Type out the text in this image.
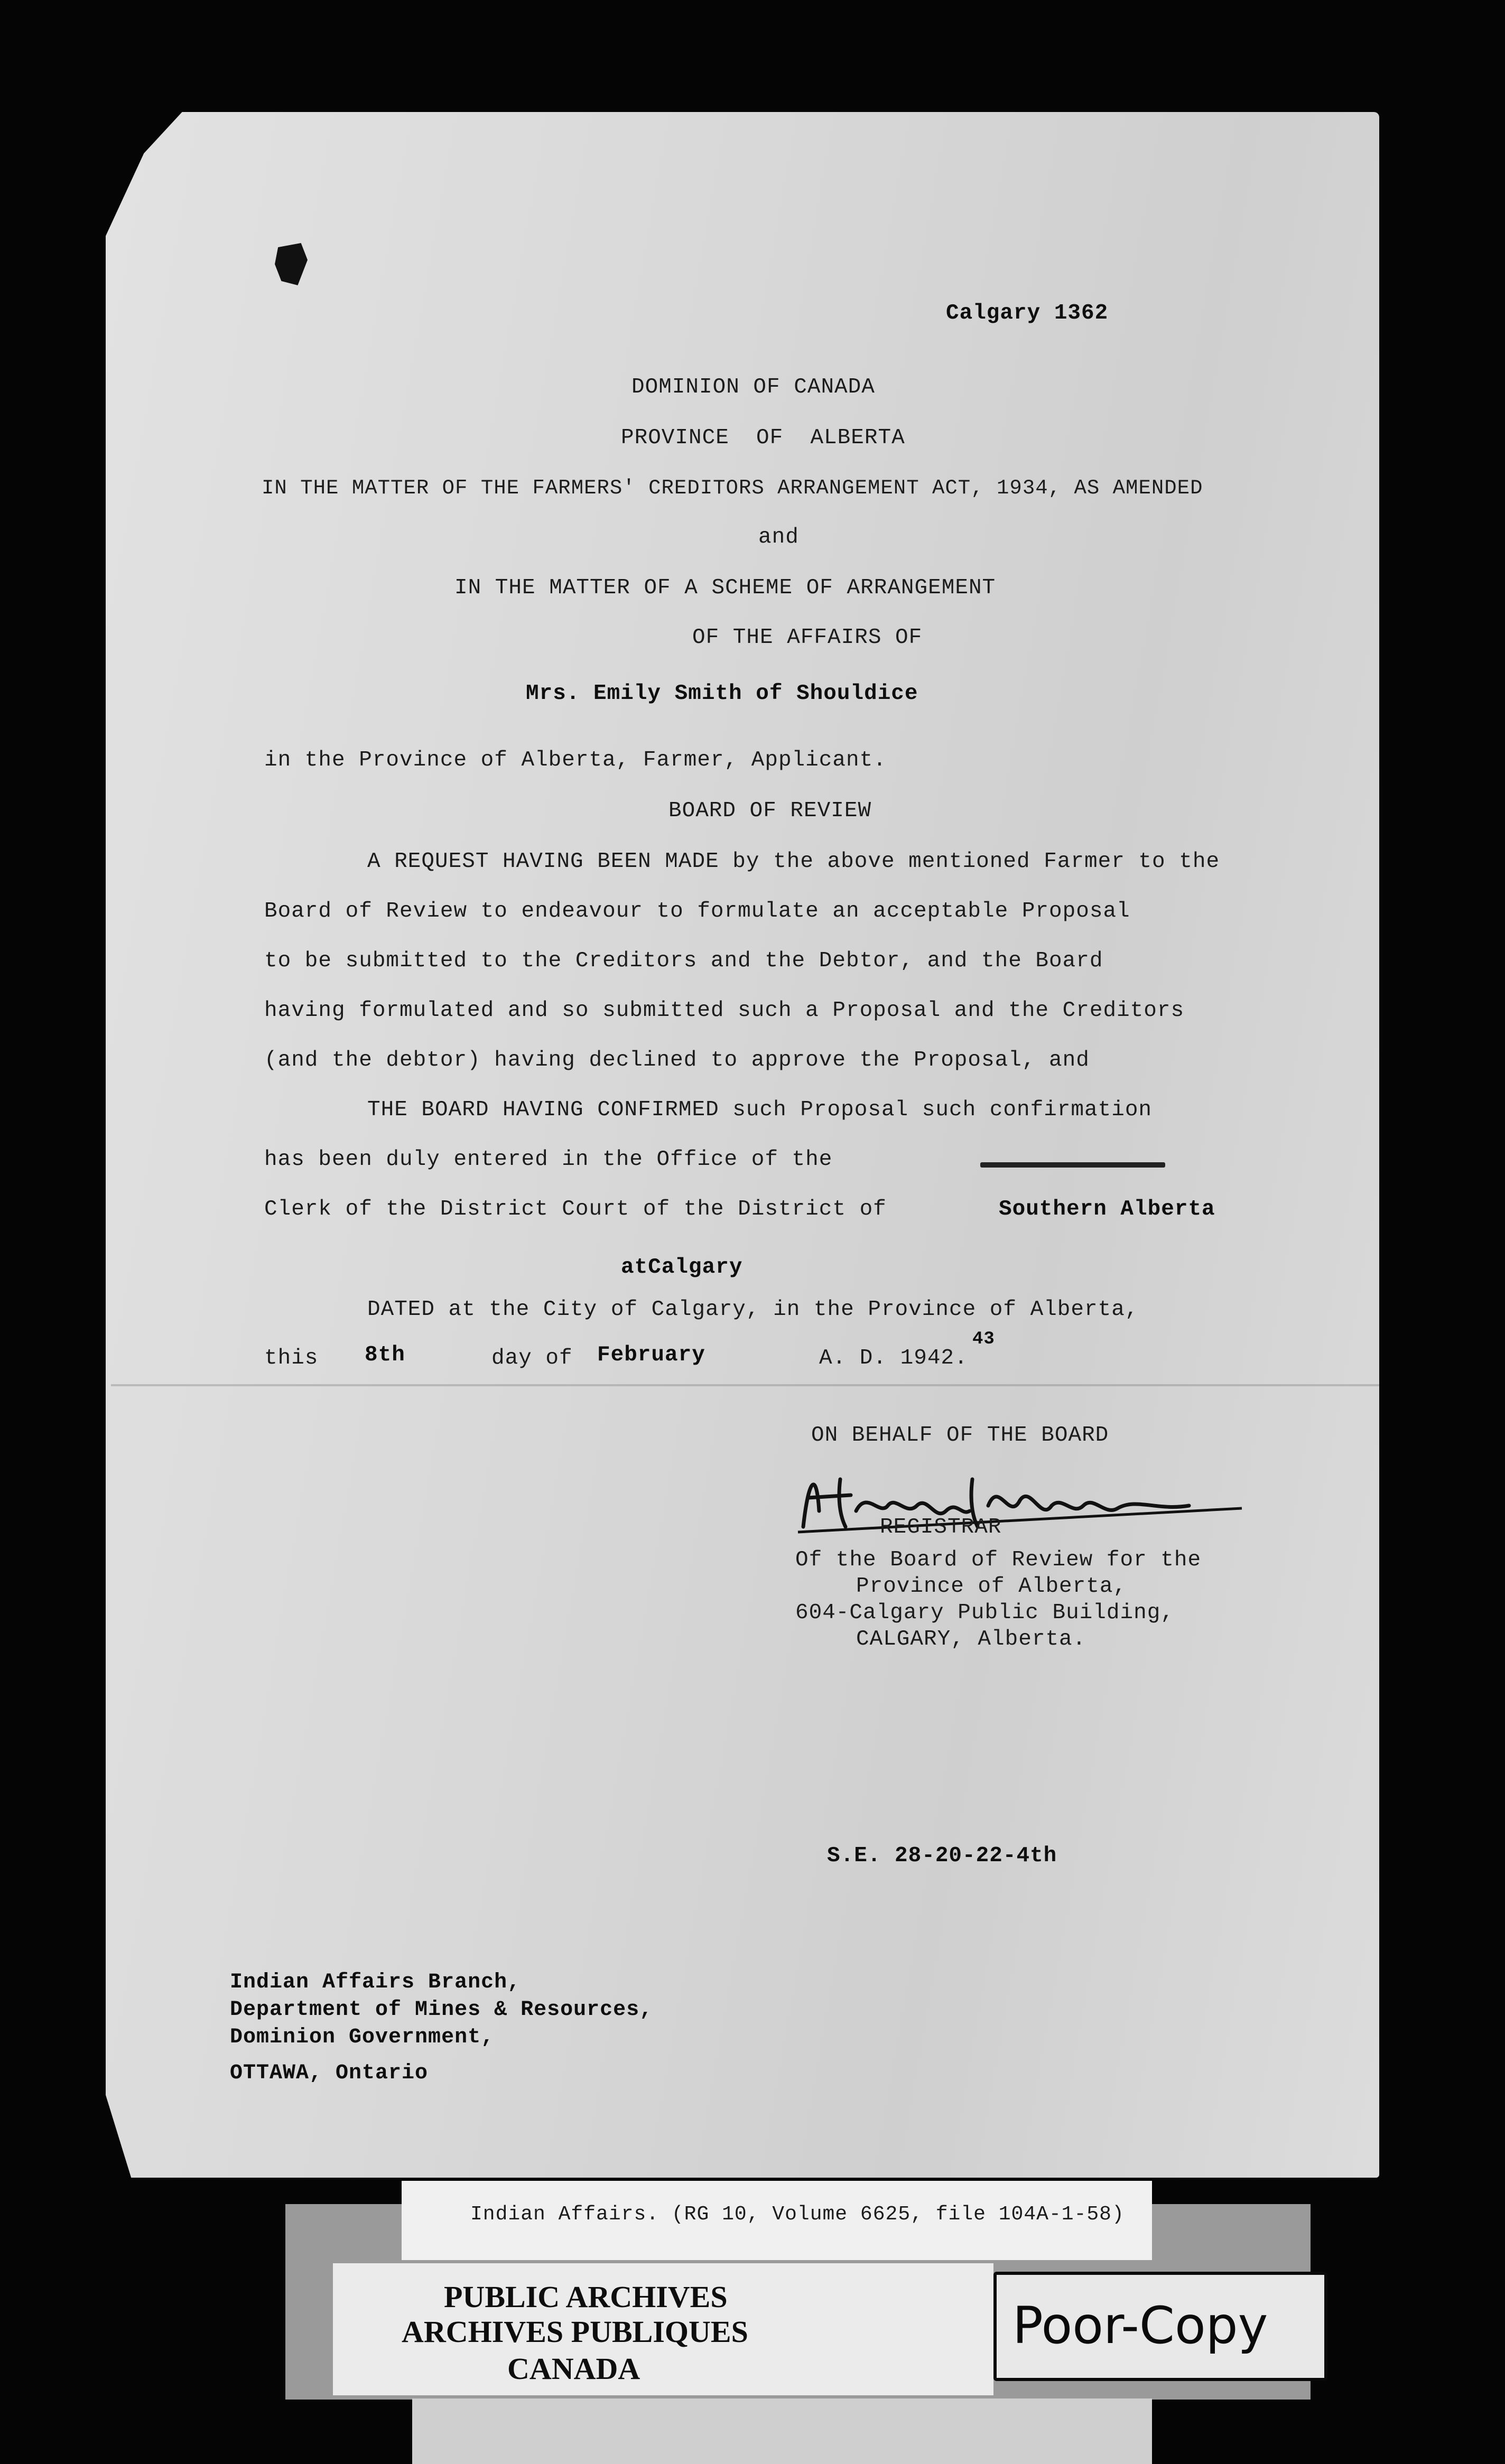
Calgary 1362
DOMINION OF CANADA
PROVINCE  OF  ALBERTA
IN THE MATTER OF THE FARMERS' CREDITORS ARRANGEMENT ACT, 1934, AS AMENDED
and
IN THE MATTER OF A SCHEME OF ARRANGEMENT
OF THE AFFAIRS OF
Mrs. Emily Smith of Shouldice
in the Province of Alberta, Farmer, Applicant.
BOARD OF REVIEW
A REQUEST HAVING BEEN MADE by the above mentioned Farmer to the
Board of Review to endeavour to formulate an acceptable Proposal
to be submitted to the Creditors and the Debtor, and the Board
having formulated and so submitted such a Proposal and the Creditors
(and the debtor) having declined to approve the Proposal, and
THE BOARD HAVING CONFIRMED such Proposal such confirmation
has been duly entered in the Office of the
Clerk of the District Court of the District of	Southern Alberta
atCalgary
DATED at the City of Calgary, in the Province of Alberta,
this 8th	day of February	A. D. 1942.
43
ON BEHALF OF THE BOARD
REGISTRAR
Of the Board of Review for the
Province of Alberta,
604-Calgary Public Building,
CALGARY, Alberta.
S.E. 28-20-22-4th
Indian Affairs Branch,
Department of Mines & Resources,
Dominion Government,
OTTAWA, Ontario
Indian Affairs. (RG 10, Volume 6625, file 104A-1-58)
PUBLIC ARCHIVES
ARCHIVES PUBLIQUES
CANADA
Poor-Copy
